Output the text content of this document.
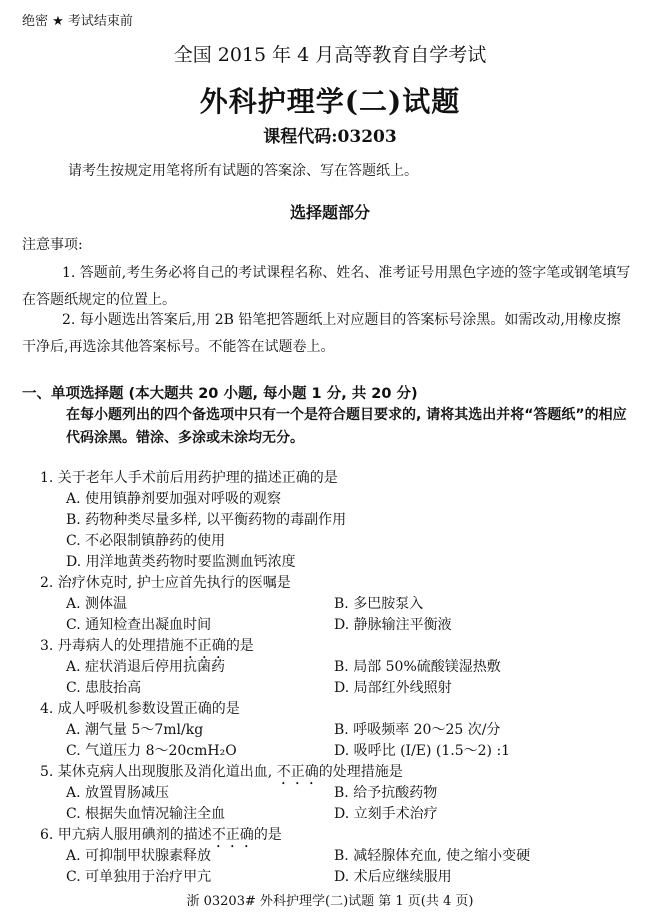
绝密 ★ 考试结束前
全国 2015 年 4 月高等教育自学考试
外科护理学(二)试题
课程代码:03203
请考生按规定用笔将所有试题的答案涂、写在答题纸上。
选择题部分
注意事项:
1. 答题前,考生务必将自己的考试课程名称、姓名、准考证号用黑色字迹的签字笔或钢笔填写在答题纸规定的位置上。
2. 每小题选出答案后,用 2B 铅笔把答题纸上对应题目的答案标号涂黑。如需改动,用橡皮擦干净后,再选涂其他答案标号。不能答在试题卷上。
一、单项选择题 (本大题共 20 小题, 每小题 1 分, 共 20 分)
在每小题列出的四个备选项中只有一个是符合题目要求的, 请将其选出并将“答题纸”的相应代码涂黑。错涂、多涂或未涂均无分。
1. 关于老年人手术前后用药护理的描述正确的是
A. 使用镇静剂要加强对呼吸的观察
B. 药物种类尽量多样, 以平衡药物的毒副作用
C. 不必限制镇静药的使用
D. 用洋地黄类药物时要监测血钙浓度
2. 治疗休克时, 护士应首先执行的医嘱是
A. 测体温	B. 多巴胺泵入
C. 通知检查出凝血时间	D. 静脉输注平衡液
3. 丹毒病人的处理措施不正确的是
A. 症状消退后停用抗菌药	B. 局部 50%硫酸镁湿热敷
C. 患肢抬高	D. 局部红外线照射
4. 成人呼吸机参数设置正确的是
A. 潮气量 5～7ml/kg	B. 呼吸频率 20～25 次/分
C. 气道压力 8～20cmH₂O	D. 吸呼比 (I/E) (1.5～2) :1
5. 某休克病人出现腹胀及消化道出血, 不正确的处理措施是
A. 放置胃肠减压	B. 给予抗酸药物
C. 根据失血情况输注全血	D. 立刻手术治疗
6. 甲亢病人服用碘剂的描述不正确的是
A. 可抑制甲状腺素释放	B. 减轻腺体充血, 使之缩小变硬
C. 可单独用于治疗甲亢	D. 术后应继续服用
浙 03203# 外科护理学(二)试题 第 1 页(共 4 页)
